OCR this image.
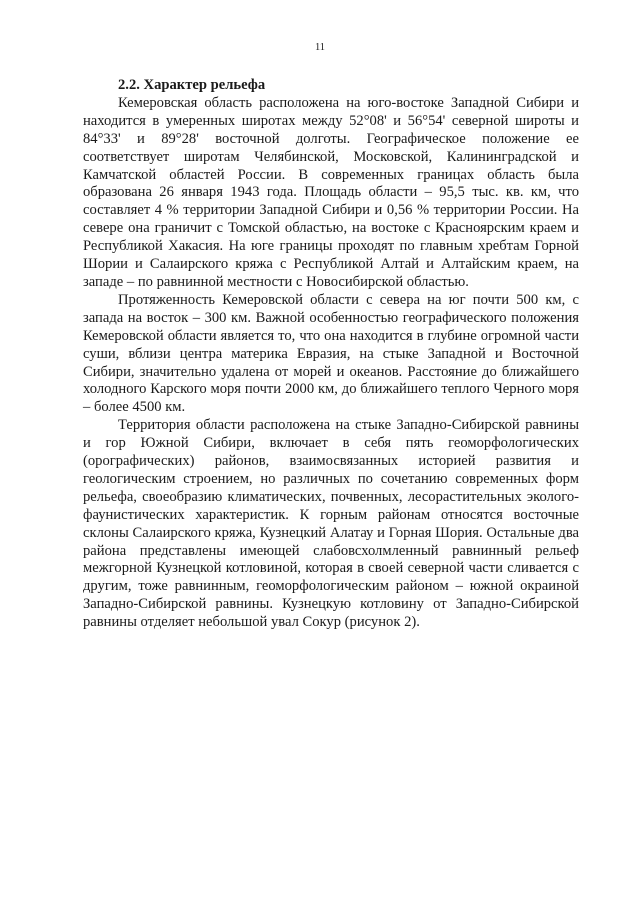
11
2.2. Характер рельефа

Кемеровская область расположена на юго-востоке Западной Сибири и находится в умеренных широтах между 52°08' и 56°54' северной широты и 84°33' и 89°28' восточной долготы. Географическое положение ее соответствует широтам Челябинской, Московской, Калининградской и Камчатской областей России. В современных границах область была образована 26 января 1943 года. Площадь области – 95,5 тыс. кв. км, что составляет 4 % территории Западной Сибири и 0,56 % территории России. На севере она граничит с Томской областью, на востоке с Красноярским краем и Республикой Хакасия. На юге границы проходят по главным хребтам Горной Шории и Салаирского кряжа с Республикой Алтай и Алтайским краем, на западе – по равнинной местности с Новосибирской областью.

Протяженность Кемеровской области с севера на юг почти 500 км, с запада на восток – 300 км. Важной особенностью географического положения Кемеровской области является то, что она находится в глубине огромной части суши, вблизи центра материка Евразия, на стыке Западной и Восточной Сибири, значительно удалена от морей и океанов. Расстояние до ближайшего холодного Карского моря почти 2000 км, до ближайшего теплого Черного моря – более 4500 км.

Территория области расположена на стыке Западно-Сибирской равнины и гор Южной Сибири, включает в себя пять геоморфологических (орографических) районов, взаимосвязанных историей развития и геологическим строением, но различных по сочетанию современных форм рельефа, своеобразию климатических, почвенных, лесорастительных эколого-фаунистических характеристик. К горным районам относятся восточные склоны Салаирского кряжа, Кузнецкий Алатау и Горная Шория. Остальные два района представлены имеющей слабовсхолмленный равнинный рельеф межгорной Кузнецкой котловиной, которая в своей северной части сливается с другим, тоже равнинным, геоморфологическим районом – южной окраиной Западно-Сибирской равнины. Кузнецкую котловину от Западно-Сибирской равнины отделяет небольшой увал Сокур (рисунок 2).
